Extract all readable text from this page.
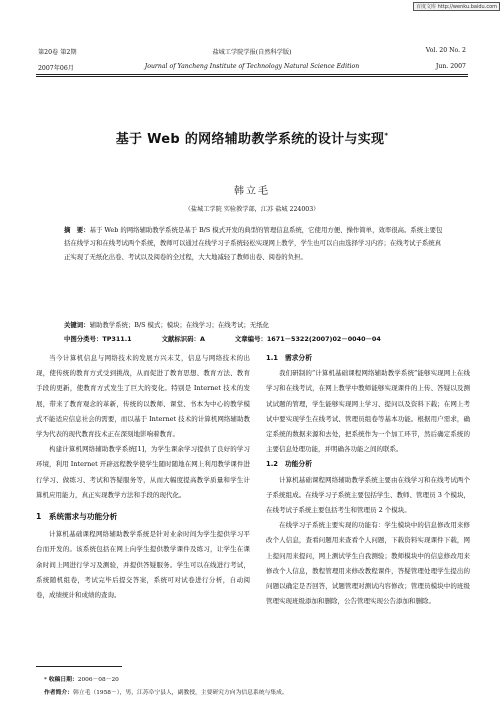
百度文库 http://wenku.baidu.com
第20卷 第2期	盐城工学院学报(自然科学版)	Vol. 20 No. 2
2007年06月	Journal of Yancheng Institute of Technology Natural Science Edition	Jun. 2007
基于 Web 的网络辅助教学系统的设计与实现*
韩立毛
（盐城工学院 实验教学部，江苏 盐城 224003）
摘　要：基于 Web 的网络辅助教学系统是基于 B/S 模式开发的典型的管理信息系统，它使用方便、操作简单，效率很高。系统主要包括在线学习和在线考试两个系统，教师可以通过在线学习子系统轻松实现网上教学，学生也可以自由选择学习内容；在线考试子系统真正实现了无纸化出卷、考试以及阅卷的全过程，大大地减轻了教师出卷、阅卷的负担。
关键词：辅助教学系统；B/S 模式；模块；在线学习；在线考试；无纸化
中图分类号：TP311.1	文献标识码：A	文章编号：1671－5322(2007)02－0040－04

当今计算机信息与网络技术的发展方兴未艾，信息与网络技术的出现，使传统的教育方式受到挑战，从而促进了教育思想、教育方法、教育手段的更新，使教育方式发生了巨大的变化。特别是 Internet 技术的发展，带来了教育观念的革新，传统的以教师、课堂、书本为中心的教学模式不能适应信息社会的需要，而以基于 Internet 技术的计算机网络辅助教学为代表的现代教育技术正在深刻地影响着教育。

构建计算机网络辅助教学系统[1]，为学生课余学习提供了良好的学习环境，利用 Internet 开辟远程教学使学生随时随地在网上利用教学课件进行学习、做练习、考试和答疑服务等，从而大幅度提高教学质量和学生计算机应用能力，真正实现教学方法和手段的现代化。

1　系统需求与功能分析

计算机基础课程网络辅助教学系统是针对业余时间为学生提供学习平台而开发的。该系统包括在网上向学生提供教学课件及练习，让学生在课余时间上网进行学习及测验，并提供答疑服务。学生可以在线进行考试，系统随机组卷，考试完毕后提交答案，系统可对试卷进行分析，自动阅卷，成绩统计和成绩的查询。

1.1　需求分析

我们研制的“计算机基础课程网络辅助教学系统”能够实现网上在线学习和在线考试，在网上教学中教师能够实现课件的上传、答疑以及测试试题的管理，学生能够实现网上学习、提问以及资料下载；在网上考试中要实现学生在线考试、管理员组卷等基本功能。根据用户需求，确定系统的数据来源和去处，把系统作为一个加工环节，然后确定系统的主要信息处理功能，并明确各功能之间的联系。

1.2　功能分析

计算机基础课程网络辅助教学系统主要由在线学习和在线考试两个子系统组成。在线学习子系统主要包括学生、教师、管理员 3 个模块，在线考试子系统主要包括考生和管理员 2 个模块。

在线学习子系统主要实现的功能有：学生模块中的信息修改用来修改个人信息，查看问题用来查看个人问题，下载资料实现课件下载，网上提问用来提问，网上测试学生自我测验；教师模块中的信息修改用来修改个人信息，教程管理用来修改教程课件，答疑管理处理学生提出的问题以确定是否回答，试题管理对测试内容修改；管理员模块中的班级管理实现班级添加和删除，公告管理实现公告添加和删除。

* 收稿日期：2006－08－20
作者简介：韩立毛（1958－），男，江苏阜宁县人，副教授，主要研究方向为信息系统与集成。
